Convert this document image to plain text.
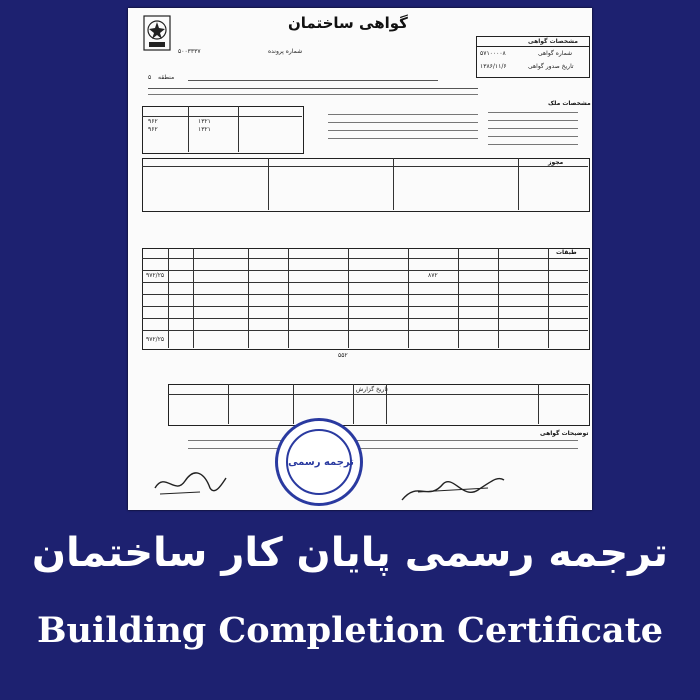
گواهی ساختمان
مشخصات گواهی
شماره گواهی
تاریخ صدور گواهی
۵۷۱۰۰۰۰۸
۱۳۸۶/۱۱/۶
شماره پرونده
۵۰۰۳۳۳۷
منطقه
۵
مشخصات ملک
۱۳۲۱
۱۳۲۱
۹۶۲
۹۶۲
مجوز
طبقات
۹۷۲/۲۵
۹۷۲/۲۵
۸۷۲
۵۵۲
تاریخ گزارش
توضیحات گواهی
ترجمه رسمی
ترجمه رسمی پایان کار ساختمان
Building Completion Certificate
